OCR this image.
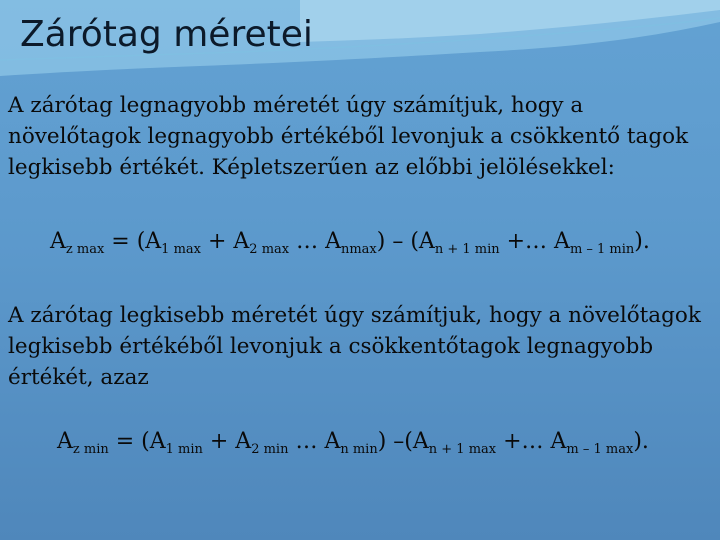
Zárótag méretei
A zárótag legnagyobb méretét úgy számítjuk, hogy a növelőtagok legnagyobb értékéből levonjuk a csökkentő tagok legkisebb értékét. Képletszerűen az előbbi jelölésekkel:
$A_{z max} = (A_{1 max} + A_{2 max}$ … $A_{nmax}) - (A_{n + 1 min}$ +… $A_{m - 1 min}$).
A zárótag legkisebb méretét úgy számítjuk, hogy a növelőtagok legkisebb értékéből levonjuk a csökkentőtagok legnagyobb értékét, azaz
$A_{z min} = (A_{1 min} + A_{2 min}$ … $A_{n min}$) $-(A_{n + 1 max}$ +… $A_{m - 1 max}$).
